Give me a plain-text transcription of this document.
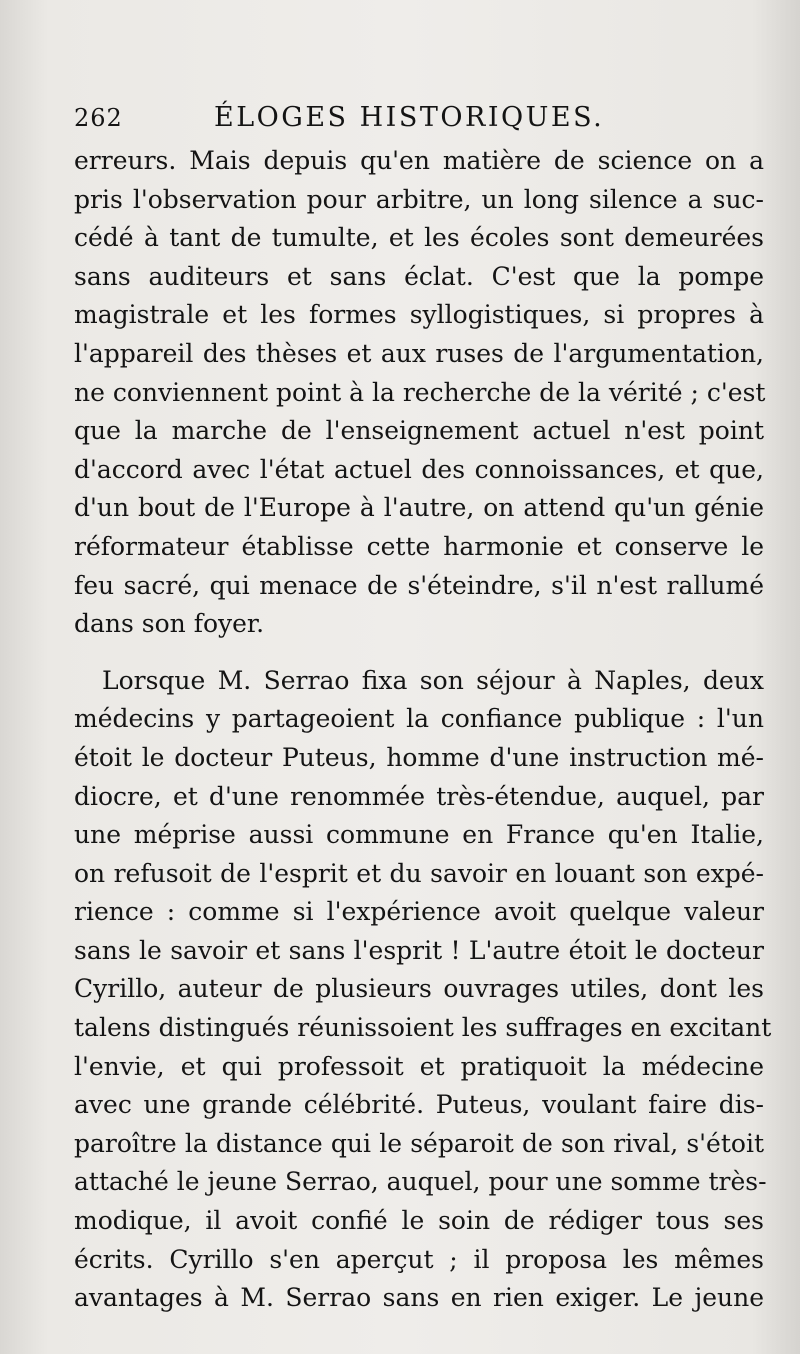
262	ÉLOGES HISTORIQUES.
erreurs. Mais depuis qu'en matière de science on a
pris l'observation pour arbitre, un long silence a suc-
cédé à tant de tumulte, et les écoles sont demeurées
sans auditeurs et sans éclat. C'est que la pompe
magistrale et les formes syllogistiques, si propres à
l'appareil des thèses et aux ruses de l'argumentation,
ne conviennent point à la recherche de la vérité ; c'est
que la marche de l'enseignement actuel n'est point
d'accord avec l'état actuel des connoissances, et que,
d'un bout de l'Europe à l'autre, on attend qu'un génie
réformateur établisse cette harmonie et conserve le
feu sacré, qui menace de s'éteindre, s'il n'est rallumé
dans son foyer.
Lorsque M. Serrao fixa son séjour à Naples, deux
médecins y partageoient la confiance publique : l'un
étoit le docteur Puteus, homme d'une instruction mé-
diocre, et d'une renommée très-étendue, auquel, par
une méprise aussi commune en France qu'en Italie,
on refusoit de l'esprit et du savoir en louant son expé-
rience : comme si l'expérience avoit quelque valeur
sans le savoir et sans l'esprit ! L'autre étoit le docteur
Cyrillo, auteur de plusieurs ouvrages utiles, dont les
talens distingués réunissoient les suffrages en excitant
l'envie, et qui professoit et pratiquoit la médecine
avec une grande célébrité. Puteus, voulant faire dis-
paroître la distance qui le séparoit de son rival, s'étoit
attaché le jeune Serrao, auquel, pour une somme très-
modique, il avoit confié le soin de rédiger tous ses
écrits. Cyrillo s'en aperçut ; il proposa les mêmes
avantages à M. Serrao sans en rien exiger. Le jeune
